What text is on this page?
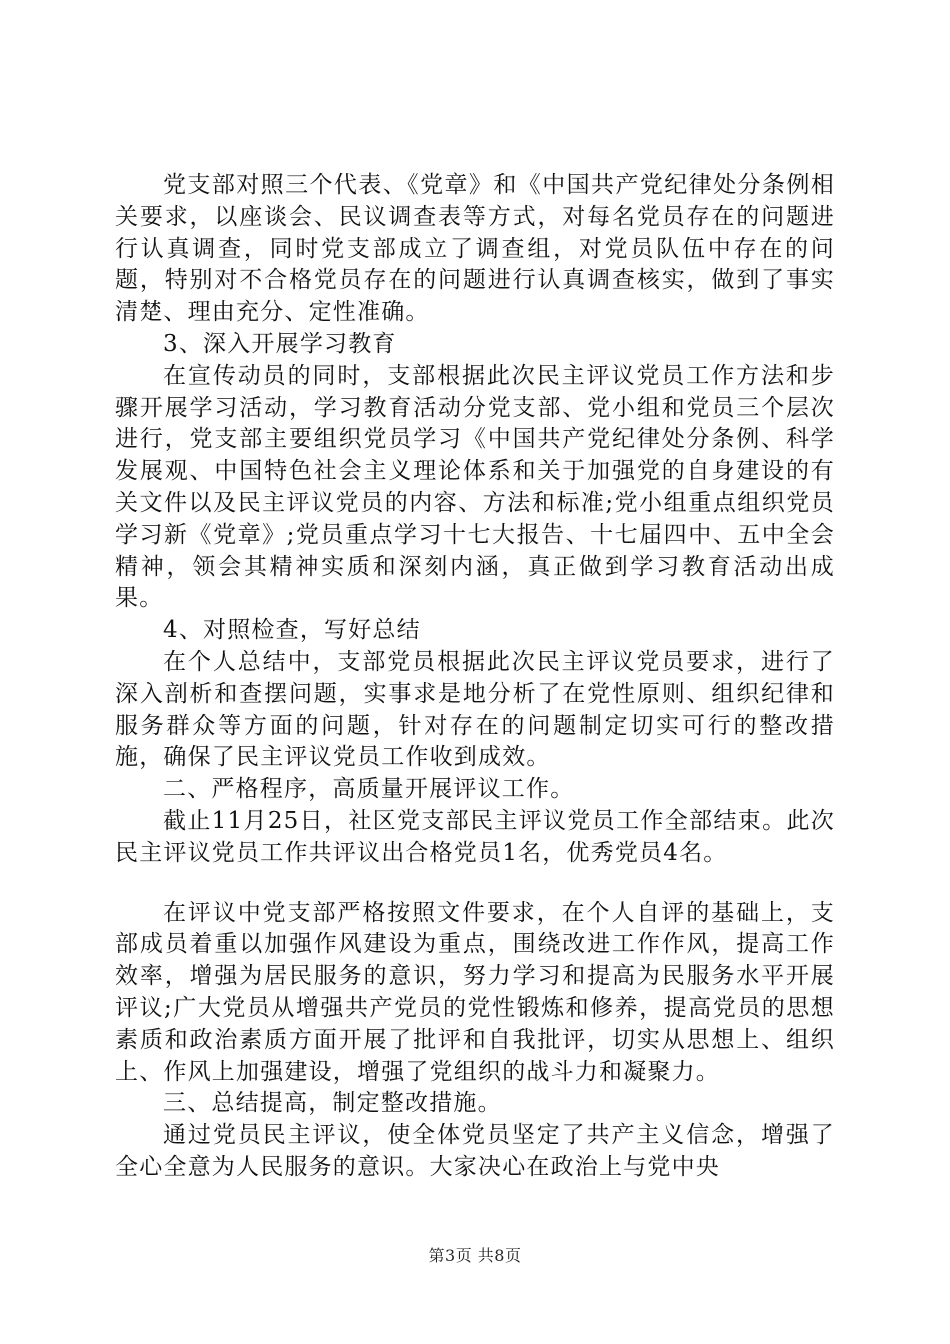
党支部对照三个代表、《党章》和《中国共产党纪律处分条例相关要求，以座谈会、民议调查表等方式，对每名党员存在的问题进行认真调查，同时党支部成立了调查组，对党员队伍中存在的问题，特别对不合格党员存在的问题进行认真调查核实，做到了事实清楚、理由充分、定性准确。

3、深入开展学习教育

在宣传动员的同时，支部根据此次民主评议党员工作方法和步骤开展学习活动，学习教育活动分党支部、党小组和党员三个层次进行，党支部主要组织党员学习《中国共产党纪律处分条例、科学发展观、中国特色社会主义理论体系和关于加强党的自身建设的有关文件以及民主评议党员的内容、方法和标准;党小组重点组织党员学习新《党章》;党员重点学习十七大报告、十七届四中、五中全会精神，领会其精神实质和深刻内涵，真正做到学习教育活动出成果。

4、对照检查，写好总结

在个人总结中，支部党员根据此次民主评议党员要求，进行了深入剖析和查摆问题，实事求是地分析了在党性原则、组织纪律和服务群众等方面的问题，针对存在的问题制定切实可行的整改措施，确保了民主评议党员工作收到成效。

二、严格程序，高质量开展评议工作。

截止11月25日，社区党支部民主评议党员工作全部结束。此次民主评议党员工作共评议出合格党员1名，优秀党员4名。

在评议中党支部严格按照文件要求，在个人自评的基础上，支部成员着重以加强作风建设为重点，围绕改进工作作风，提高工作效率，增强为居民服务的意识，努力学习和提高为民服务水平开展评议;广大党员从增强共产党员的党性锻炼和修养，提高党员的思想素质和政治素质方面开展了批评和自我批评，切实从思想上、组织上、作风上加强建设，增强了党组织的战斗力和凝聚力。

三、总结提高，制定整改措施。

通过党员民主评议，使全体党员坚定了共产主义信念，增强了全心全意为人民服务的意识。大家决心在政治上与党中央

第3页 共8页
